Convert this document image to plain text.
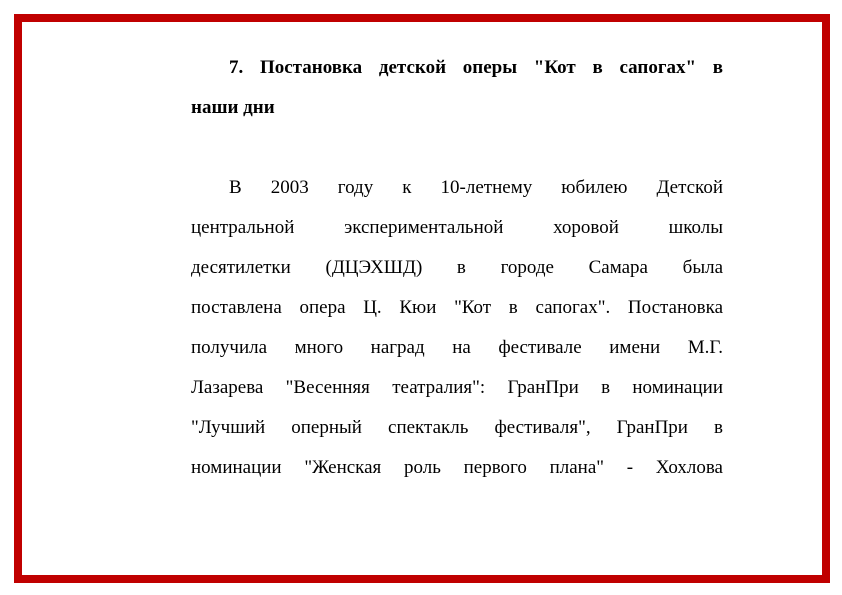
7. Постановка детской оперы "Кот в сапогах" в
наши дни
В 2003 году к 10-летнему юбилею Детской
центральной экспериментальной хоровой школы
десятилетки (ДЦЭХШД) в городе Самара была
поставлена опера Ц. Кюи "Кот в сапогах". Постановка
получила много наград на фестивале имени М.Г.
Лазарева "Весенняя театралия": ГранПри в номинации
"Лучший оперный спектакль фестиваля", ГранПри в
номинации "Женская роль первого плана" - Хохлова
